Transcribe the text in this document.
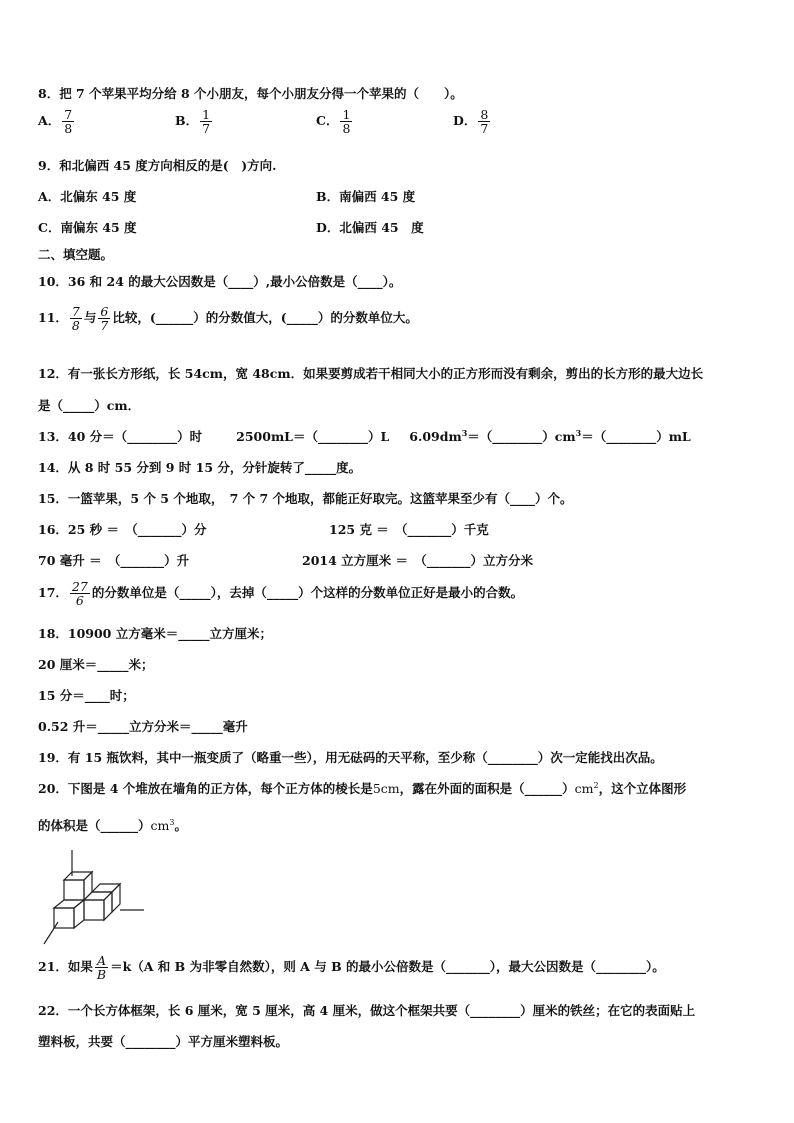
8．把 7 个苹果平均分给 8 个小朋友，每个小朋友分得一个苹果的（　　）。
A． $\frac{7}{8}$	B． $\frac{1}{7}$	C． $\frac{1}{8}$	D． $\frac{8}{7}$
9．和北偏西 45 度方向相反的是(　)方向.
A．北偏东 45 度	B．南偏西 45 度
C．南偏东 45 度	D．北偏西 45　度
二、填空题。
10．36 和 24 的最大公因数是（____）,最小公倍数是（____）。
11． $\frac{7}{8}$ 与 $\frac{6}{7}$ 比较，(______）的分数值大，(_____）的分数单位大。
12．有一张长方形纸，长 54cm，宽 48cm．如果要剪成若干相同大小的正方形而没有剩余，剪出的长方形的最大边长
是（_____）cm．
13．40 分＝（________）时	2500mL＝（________）L $6.09dm^3=(\_\_\_\_\_\_\_\_)cm^3=(\_\_\_\_\_\_\_\_)mL$
14．从 8 时 55 分到 9 时 15 分，分针旋转了_____度。
15．一篮苹果，5 个 5 个地取，　7 个 7 个地取，都能正好取完。这篮苹果至少有（____）个。
16．25 秒 ＝　（_______）分	125 克 ＝　（_______）千克
70 毫升 ＝　（_______）升	2014 立方厘米 ＝　（_______）立方分米
17． $\frac{27}{6}$ 的分数单位是（_____），去掉（_____）个这样的分数单位正好是最小的合数。
18．10900 立方毫米＝_____立方厘米；
20 厘米＝_____米；
15 分＝____时；
0.52 升＝_____立方分米＝_____毫升
19．有 15 瓶饮料，其中一瓶变质了（略重一些），用无砝码的天平称，至少称（________）次一定能找出次品。
20．下图是 4 个堆放在墙角的正方体，每个正方体的棱长是5cm，露在外面的面积是$(\_\_\_\_\_\_)cm^2$，这个立体图形
的体积是$(\_\_\_\_\_\_)cm^3$。
21．如果 $\frac{A}{B} =k(A$ 和 B 为非零自然数），则 A 与 B 的最小公倍数是（_______），最大公因数是（________）。
22．一个长方体框架，长 6 厘米，宽 5 厘米，高 4 厘米，做这个框架共要（________）厘米的铁丝；在它的表面贴上
塑料板，共要（________）平方厘米塑料板。
